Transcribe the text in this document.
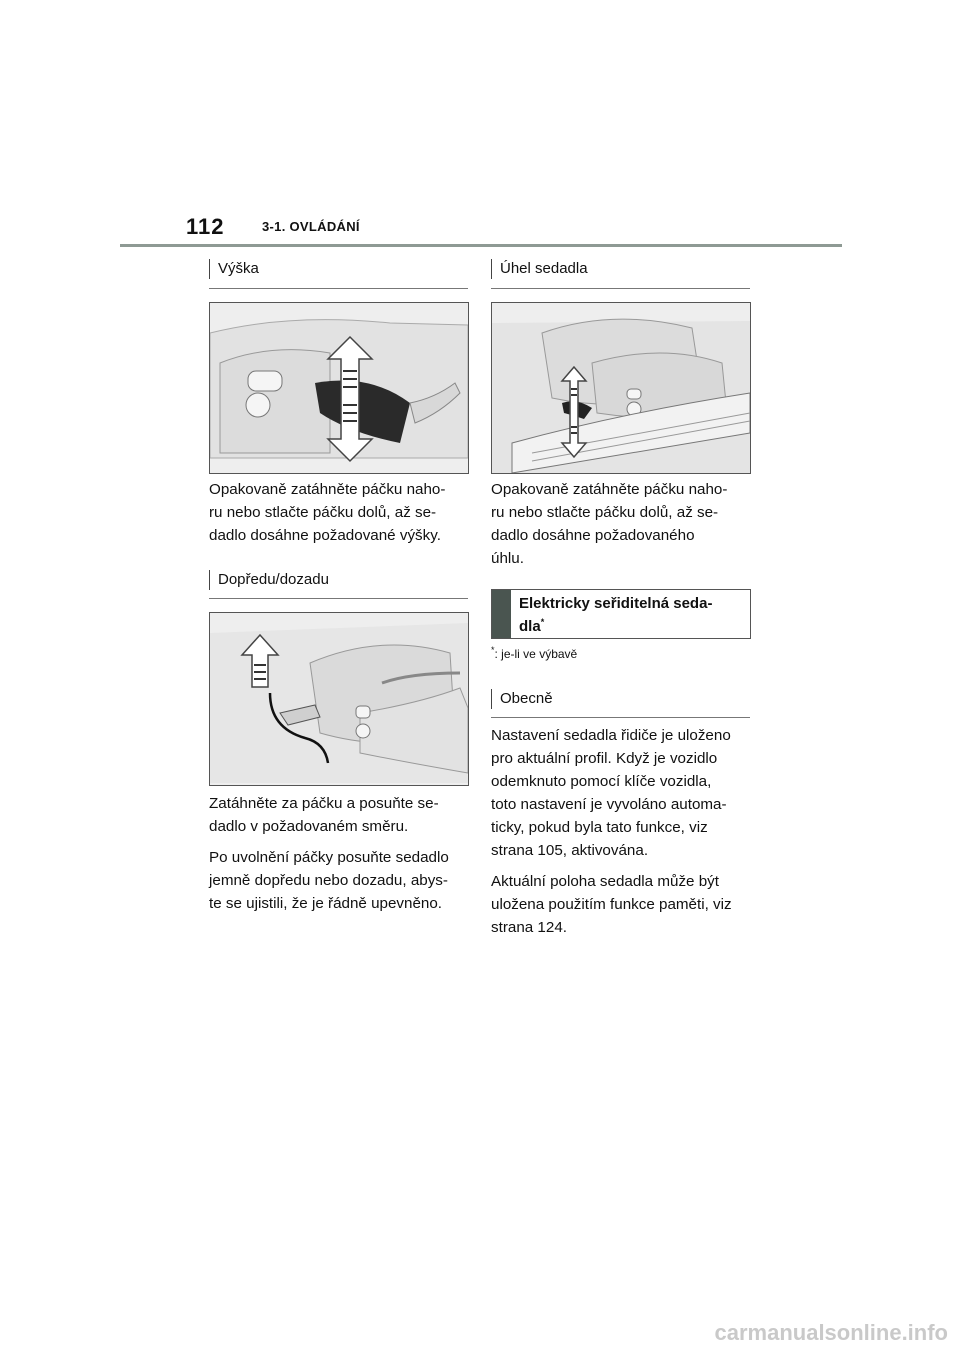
112	3-1. OVLÁDÁNÍ
Výška

Opakovaně zatáhněte páčku naho-

ru nebo stlačte páčku dolů, až se-

dadlo dosáhne požadované výšky.

Dopředu/dozadu

Zatáhněte za páčku a posuňte se-

dadlo v požadovaném směru.

Po uvolnění páčky posuňte sedadlo

jemně dopředu nebo dozadu, abys-

te se ujistili, že je řádně upevněno.

Úhel sedadla

Opakovaně zatáhněte páčku naho-

ru nebo stlačte páčku dolů, až se-

dadlo dosáhne požadovaného

úhlu.

Elektricky seřiditelná seda-
dla*
*: je-li ve výbavě
Obecně

Nastavení sedadla řidiče je uloženo

pro aktuální profil. Když je vozidlo

odemknuto pomocí klíče vozidla,

toto nastavení je vyvoláno automa-

ticky, pokud byla tato funkce, viz

strana 105, aktivována.

Aktuální poloha sedadla může být

uložena použitím funkce paměti, viz

strana 124.

carmanualsonline.info
